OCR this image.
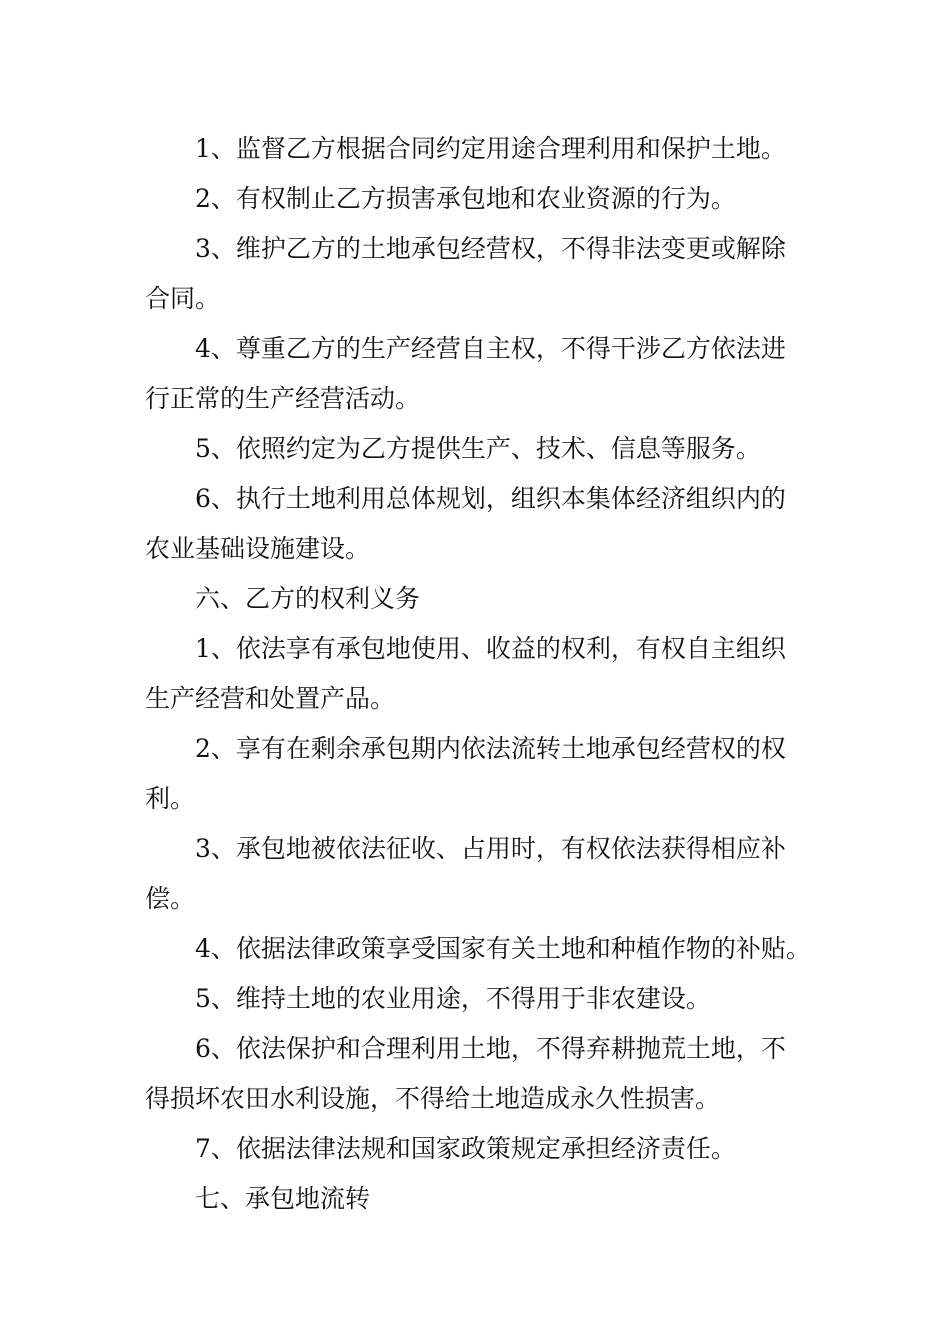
1、监督乙方根据合同约定用途合理利用和保护土地。
2、有权制止乙方损害承包地和农业资源的行为。
3、维护乙方的土地承包经营权，不得非法变更或解除
合同。
4、尊重乙方的生产经营自主权，不得干涉乙方依法进
行正常的生产经营活动。
5、依照约定为乙方提供生产、技术、信息等服务。
6、执行土地利用总体规划，组织本集体经济组织内的
农业基础设施建设。
六、乙方的权利义务
1、依法享有承包地使用、收益的权利，有权自主组织
生产经营和处置产品。
2、享有在剩余承包期内依法流转土地承包经营权的权
利。
3、承包地被依法征收、占用时，有权依法获得相应补
偿。
4、依据法律政策享受国家有关土地和种植作物的补贴。
5、维持土地的农业用途，不得用于非农建设。
6、依法保护和合理利用土地，不得弃耕抛荒土地，不
得损坏农田水利设施，不得给土地造成永久性损害。
7、依据法律法规和国家政策规定承担经济责任。
七、承包地流转
